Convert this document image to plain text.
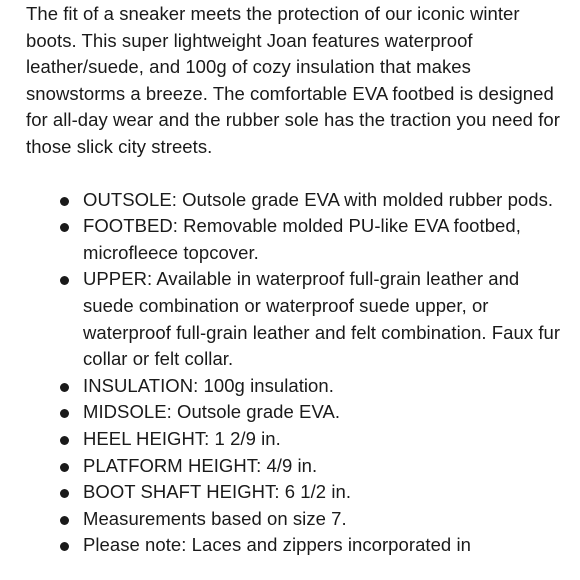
The fit of a sneaker meets the protection of our iconic winter boots. This super lightweight Joan features waterproof leather/suede, and 100g of cozy insulation that makes snowstorms a breeze. The comfortable EVA footbed is designed for all-day wear and the rubber sole has the traction you need for those slick city streets.

OUTSOLE: Outsole grade EVA with molded rubber pods.
FOOTBED: Removable molded PU-like EVA footbed, microfleece topcover.
UPPER: Available in waterproof full-grain leather and suede combination or waterproof suede upper, or waterproof full-grain leather and felt combination. Faux fur collar or felt collar.
INSULATION: 100g insulation.
MIDSOLE: Outsole grade EVA.
HEEL HEIGHT: 1 2/9 in.
PLATFORM HEIGHT: 4/9 in.
BOOT SHAFT HEIGHT: 6 1/2 in.
Measurements based on size 7.
Please note: Laces and zippers incorporated in
